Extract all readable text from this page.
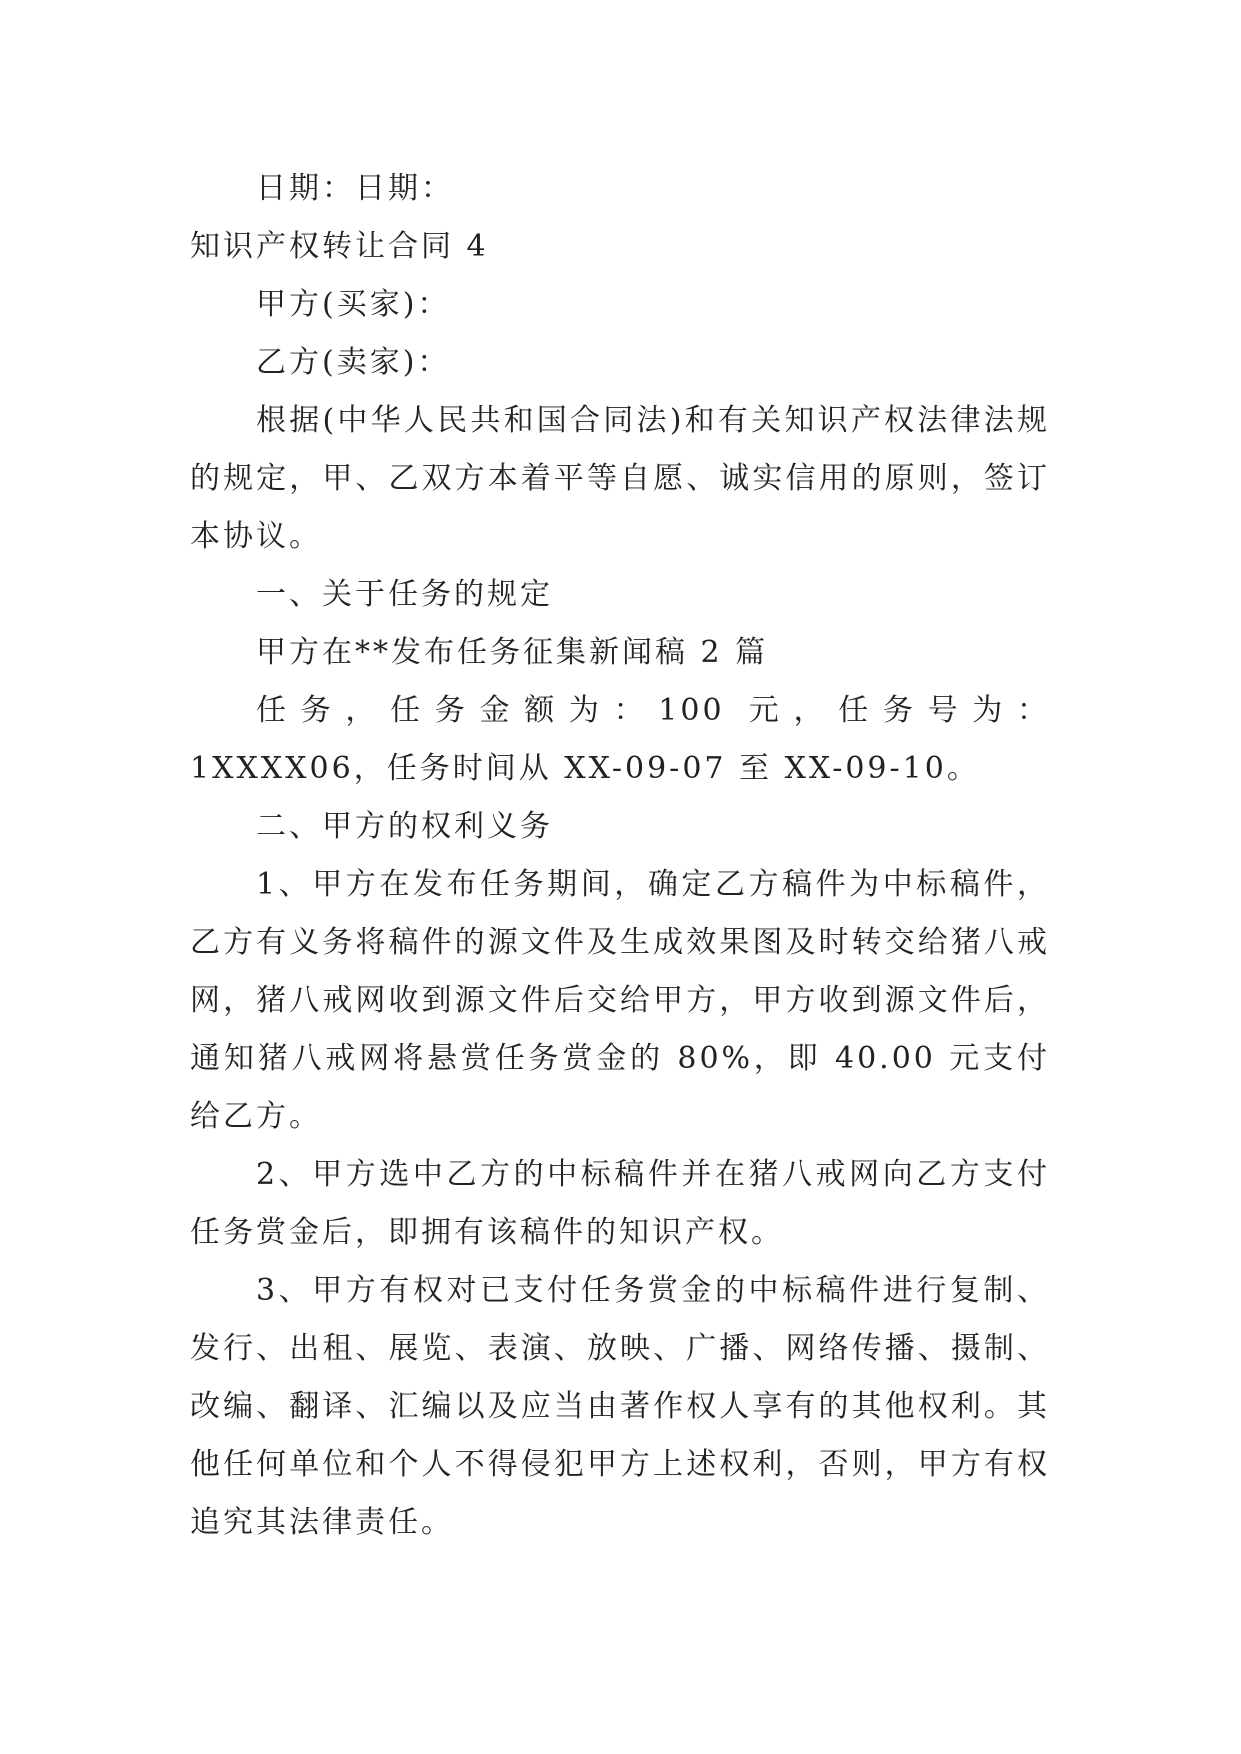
日期：日期：

知识产权转让合同 4

甲方(买家)：

乙方(卖家)：

根据(中华人民共和国合同法)和有关知识产权法律法规的规定，甲、乙双方本着平等自愿、诚实信用的原则，签订本协议。

一、关于任务的规定

甲方在**发布任务征集新闻稿 2 篇

任务，任务金额为：100 元，任务号为：1XXXX06，任务时间从 XX-09-07 至 XX-09-10。

二、甲方的权利义务

1、甲方在发布任务期间，确定乙方稿件为中标稿件，乙方有义务将稿件的源文件及生成效果图及时转交给猪八戒网，猪八戒网收到源文件后交给甲方，甲方收到源文件后，通知猪八戒网将悬赏任务赏金的 80%，即 40.00 元支付给乙方。

2、甲方选中乙方的中标稿件并在猪八戒网向乙方支付任务赏金后，即拥有该稿件的知识产权。

3、甲方有权对已支付任务赏金的中标稿件进行复制、发行、出租、展览、表演、放映、广播、网络传播、摄制、改编、翻译、汇编以及应当由著作权人享有的其他权利。其他任何单位和个人不得侵犯甲方上述权利，否则，甲方有权追究其法律责任。
